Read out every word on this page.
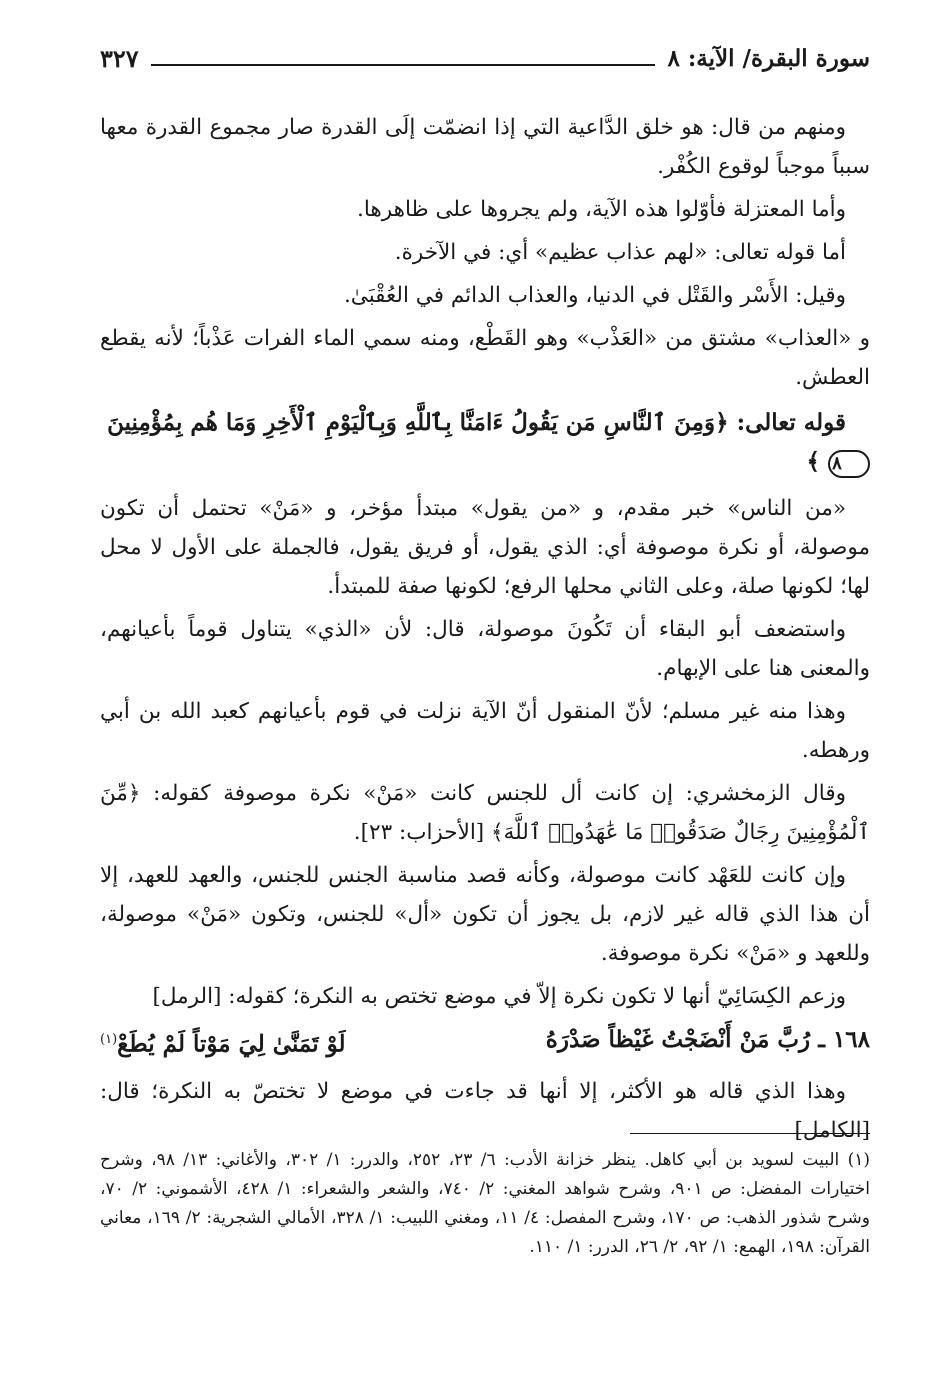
سورة البقرة/ الآية: ٨
٣٢٧

ومنهم من قال: هو خلق الدَّاعية التي إذا انضمّت إلَى القدرة صار مجموع القدرة معها سبباً موجباً لوقوع الكُفْر.

وأما المعتزلة فأوّلوا هذه الآية، ولم يجروها على ظاهرها.

أما قوله تعالى: «لهم عذاب عظيم» أي: في الآخرة.

وقيل: الأَسْر والقَتْل في الدنيا، والعذاب الدائم في العُقْبَىٰ.

و «العذاب» مشتق من «العَذْب» وهو القَطْع، ومنه سمي الماء الفرات عَذْباً؛ لأنه يقطع العطش.

قوله تعالى: ﴿وَمِنَ ٱلنَّاسِ مَن يَقُولُ ءَامَنَّا بِٱللَّهِ وَبِٱلْيَوْمِ ٱلْأَخِرِ وَمَا هُم بِمُؤْمِنِينَ ٨ ﴾

«من الناس» خبر مقدم، و «من يقول» مبتدأ مؤخر، و «مَنْ» تحتمل أن تكون موصولة، أو نكرة موصوفة أي: الذي يقول، أو فريق يقول، فالجملة على الأول لا محل لها؛ لكونها صلة، وعلى الثاني محلها الرفع؛ لكونها صفة للمبتدأ.

واستضعف أبو البقاء أن تَكُونَ موصولة، قال: لأن «الذي» يتناول قوماً بأعيانهم، والمعنى هنا على الإبهام.

وهذا منه غير مسلم؛ لأنّ المنقول أنّ الآية نزلت في قوم بأعيانهم كعبد الله بن أبي ورهطه.

وقال الزمخشري: إن كانت أل للجنس كانت «مَنْ» نكرة موصوفة كقوله: ﴿مِّنَ ٱلْمُؤْمِنِينَ رِجَالٌ صَدَقُوا۟ مَا عَٰهَدُوا۟ ٱللَّهَ﴾ [الأحزاب: ٢٣].

وإن كانت للعَهْد كانت موصولة، وكأنه قصد مناسبة الجنس للجنس، والعهد للعهد، إلا أن هذا الذي قاله غير لازم، بل يجوز أن تكون «أل» للجنس، وتكون «مَنْ» موصولة، وللعهد و «مَنْ» نكرة موصوفة.

وزعم الكِسَائِيّ أنها لا تكون نكرة إلاّ في موضع تختص به النكرة؛ كقوله: [الرمل]

١٦٨ ـ رُبَّ مَنْ أَنْضَجْتُ غَيْظاً صَدْرَهُ
لَوْ تَمَنَّىٰ لِيَ مَوْتاً لَمْ يُطَعْ$^{(١)}$

وهذا الذي قاله هو الأكثر، إلا أنها قد جاءت في موضع لا تختصّ به النكرة؛ قال: [الكامل]

(١) البيت لسويد بن أبي كاهل. ينظر خزانة الأدب: ٦/ ٢٣، ٢٥٢، والدرر: ١/ ٣٠٢، والأغاني: ١٣/ ٩٨، وشرح اختيارات المفضل: ص ٩٠١، وشرح شواهد المغني: ٢/ ٧٤٠، والشعر والشعراء: ١/ ٤٢٨، الأشموني: ٢/ ٧٠، وشرح شذور الذهب: ص ١٧٠، وشرح المفصل: ٤/ ١١، ومغني اللبيب: ١/ ٣٢٨، الأمالي الشجرية: ٢/ ١٦٩، معاني القرآن: ١٩٨، الهمع: ١/ ٩٢، ٢/ ٢٦، الدرر: ١/ ١١٠.
